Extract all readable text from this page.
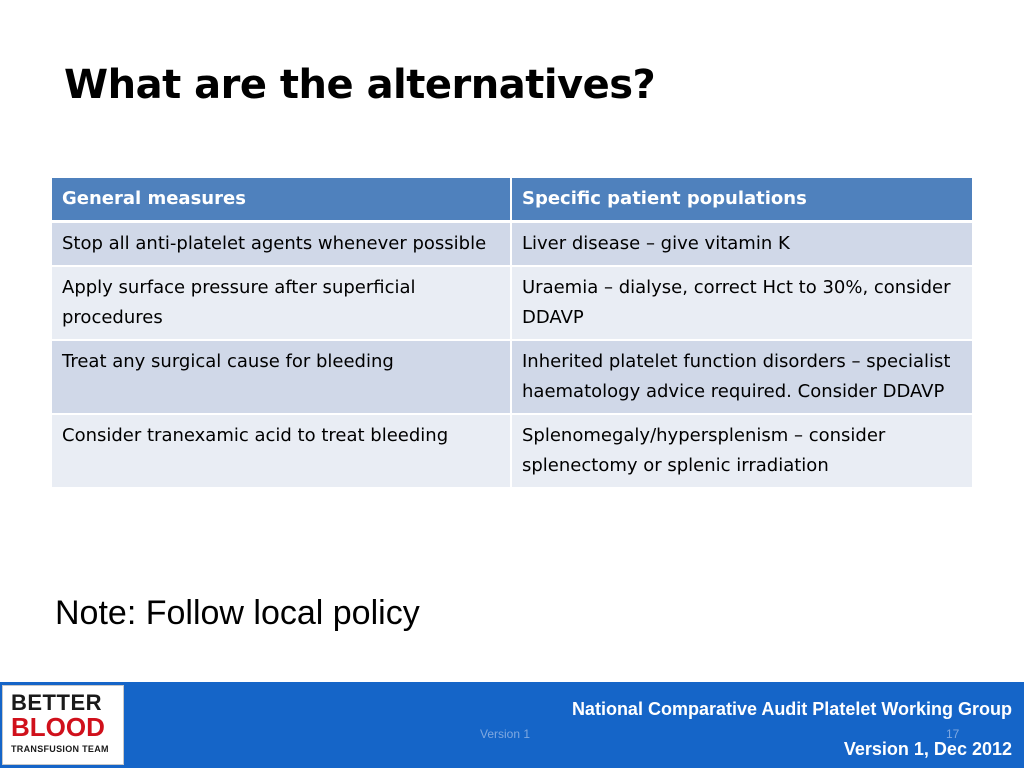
What are the alternatives?
General measures	Specific patient populations
Stop all anti-platelet agents whenever possible	Liver disease – give vitamin K
Apply surface pressure after superficial procedures	Uraemia – dialyse, correct Hct to 30%, consider DDAVP
Treat any surgical cause for bleeding	Inherited platelet function disorders – specialist haematology advice required. Consider DDAVP
Consider tranexamic acid to treat bleeding	Splenomegaly/hypersplenism – consider splenectomy or splenic irradiation

Note: Follow local policy

BETTER
BLOOD
TRANSFUSION TEAM

National Comparative Audit Platelet Working Group

Version 1	17

Version 1, Dec 2012
